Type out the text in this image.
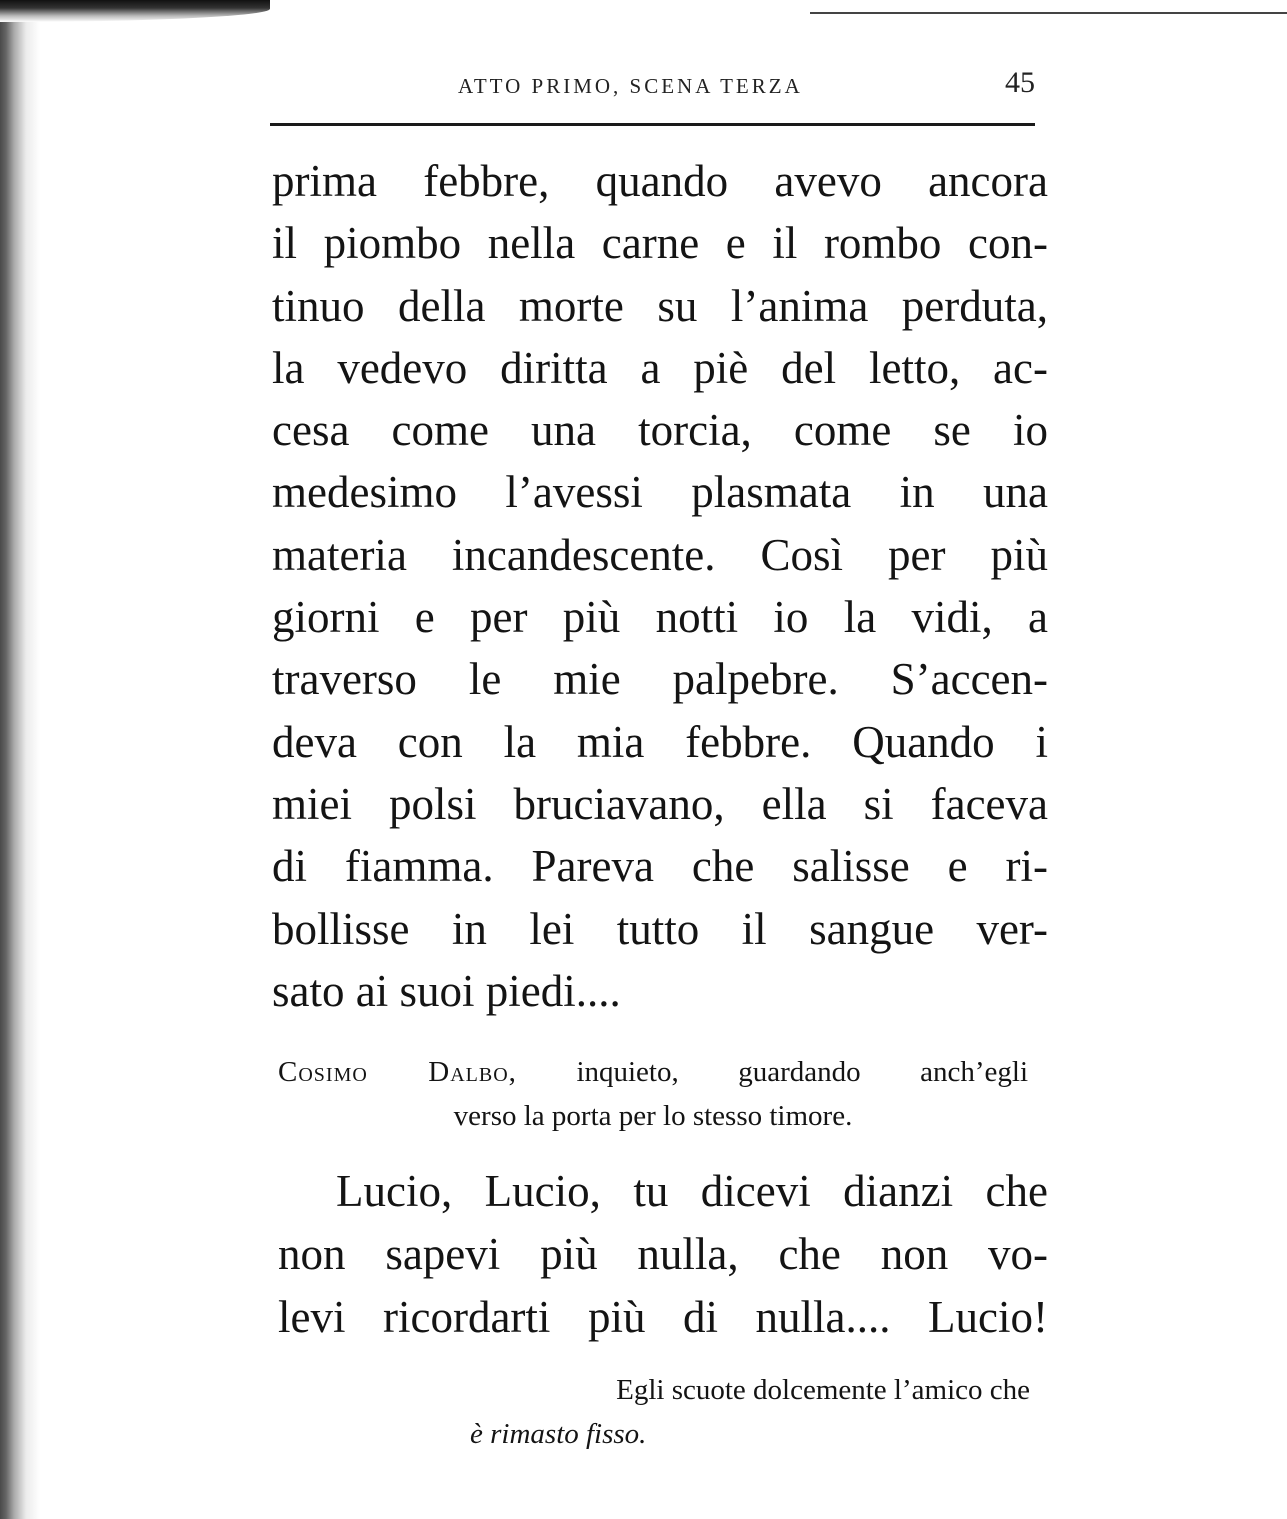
ATTO PRIMO, SCENA TERZA	45
prima febbre, quando avevo ancora
il piombo nella carne e il rombo con-
tinuo della morte su l’anima perduta,
la vedevo diritta a piè del letto, ac-
cesa come una torcia, come se io
medesimo l’avessi plasmata in una
materia incandescente. Così per più
giorni e per più notti io la vidi, a
traverso le mie palpebre. S’accen-
deva con la mia febbre. Quando i
miei polsi bruciavano, ella si faceva
di fiamma. Pareva che salisse e ri-
bollisse in lei tutto il sangue ver-
sato ai suoi piedi....
Cosimo Dalbo, inquieto, guardando anch’egli
verso la porta per lo stesso timore.
Lucio, Lucio, tu dicevi dianzi che
non sapevi più nulla, che non vo-
levi ricordarti più di nulla.... Lucio!
Egli scuote dolcemente l’amico che
è rimasto fisso.
